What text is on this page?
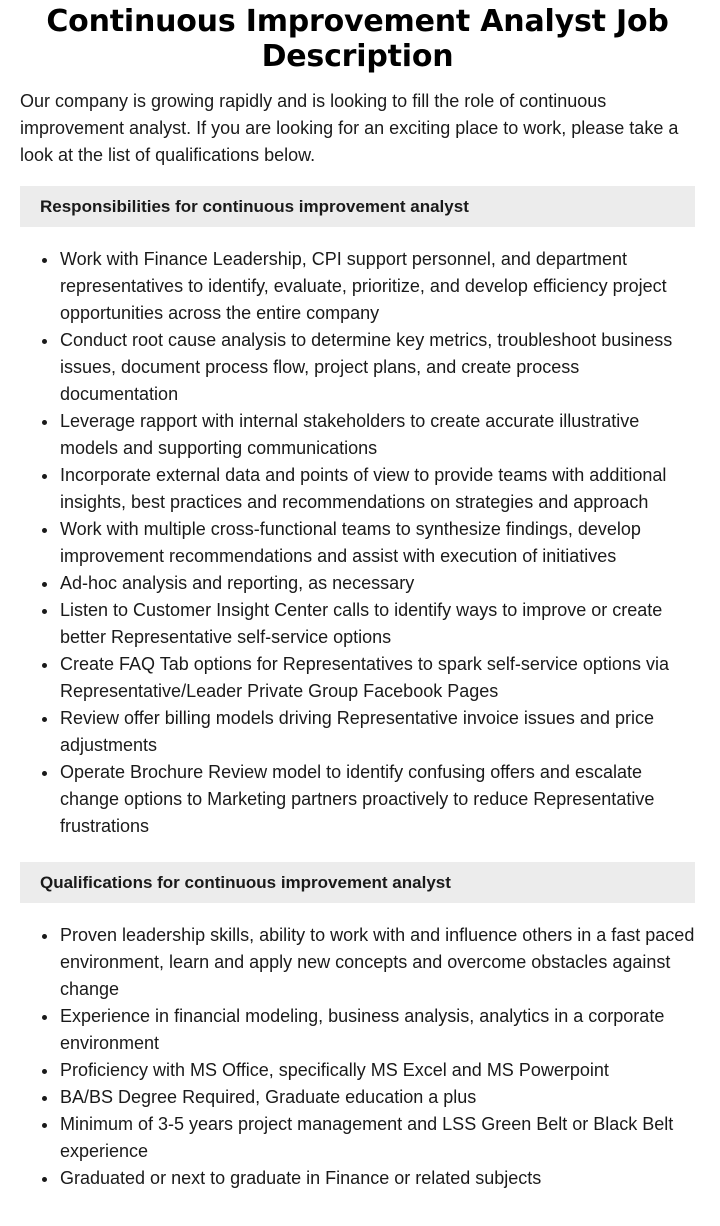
Continuous Improvement Analyst Job Description

Our company is growing rapidly and is looking to fill the role of continuous improvement analyst. If you are looking for an exciting place to work, please take a look at the list of qualifications below.

Responsibilities for continuous improvement analyst
Work with Finance Leadership, CPI support personnel, and department representatives to identify, evaluate, prioritize, and develop efficiency project opportunities across the entire company
Conduct root cause analysis to determine key metrics, troubleshoot business issues, document process flow, project plans, and create process documentation
Leverage rapport with internal stakeholders to create accurate illustrative models and supporting communications
Incorporate external data and points of view to provide teams with additional insights, best practices and recommendations on strategies and approach
Work with multiple cross-functional teams to synthesize findings, develop improvement recommendations and assist with execution of initiatives
Ad-hoc analysis and reporting, as necessary
Listen to Customer Insight Center calls to identify ways to improve or create better Representative self-service options
Create FAQ Tab options for Representatives to spark self-service options via Representative/Leader Private Group Facebook Pages
Review offer billing models driving Representative invoice issues and price adjustments
Operate Brochure Review model to identify confusing offers and escalate change options to Marketing partners proactively to reduce Representative frustrations
Qualifications for continuous improvement analyst
Proven leadership skills, ability to work with and influence others in a fast paced environment, learn and apply new concepts and overcome obstacles against change
Experience in financial modeling, business analysis, analytics in a corporate environment
Proficiency with MS Office, specifically MS Excel and MS Powerpoint
BA/BS Degree Required, Graduate education a plus
Minimum of 3-5 years project management and LSS Green Belt or Black Belt experience
Graduated or next to graduate in Finance or related subjects
